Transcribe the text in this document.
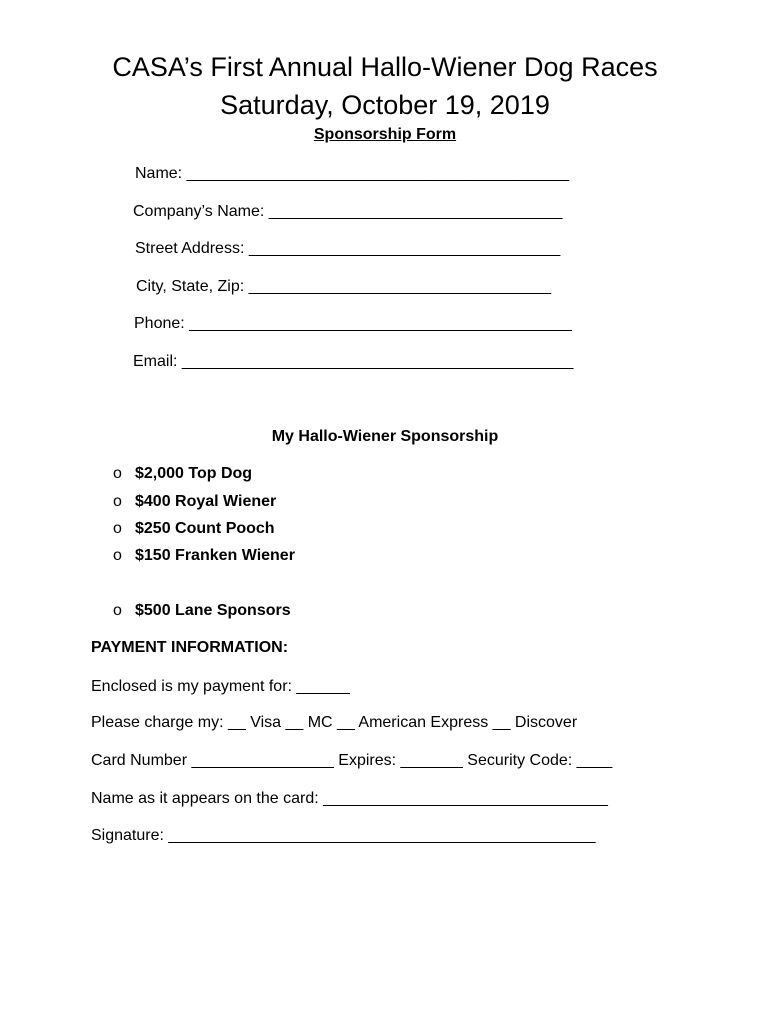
CASA’s First Annual Hallo-Wiener Dog Races
Saturday, October 19, 2019
Sponsorship Form
Name: ___________________________________________
Company’s Name: _________________________________
Street Address: ___________________________________
City, State, Zip: __________________________________
Phone: ___________________________________________
Email: ____________________________________________
My Hallo-Wiener Sponsorship
o $2,000 Top Dog
o $400 Royal Wiener
o $250 Count Pooch
o $150 Franken Wiener
o $500 Lane Sponsors
PAYMENT INFORMATION:
Enclosed is my payment for: ______
Please charge my: __ Visa __ MC __ American Express __ Discover
Card Number ________________ Expires: _______ Security Code: ____
Name as it appears on the card: ________________________________
Signature: ________________________________________________
